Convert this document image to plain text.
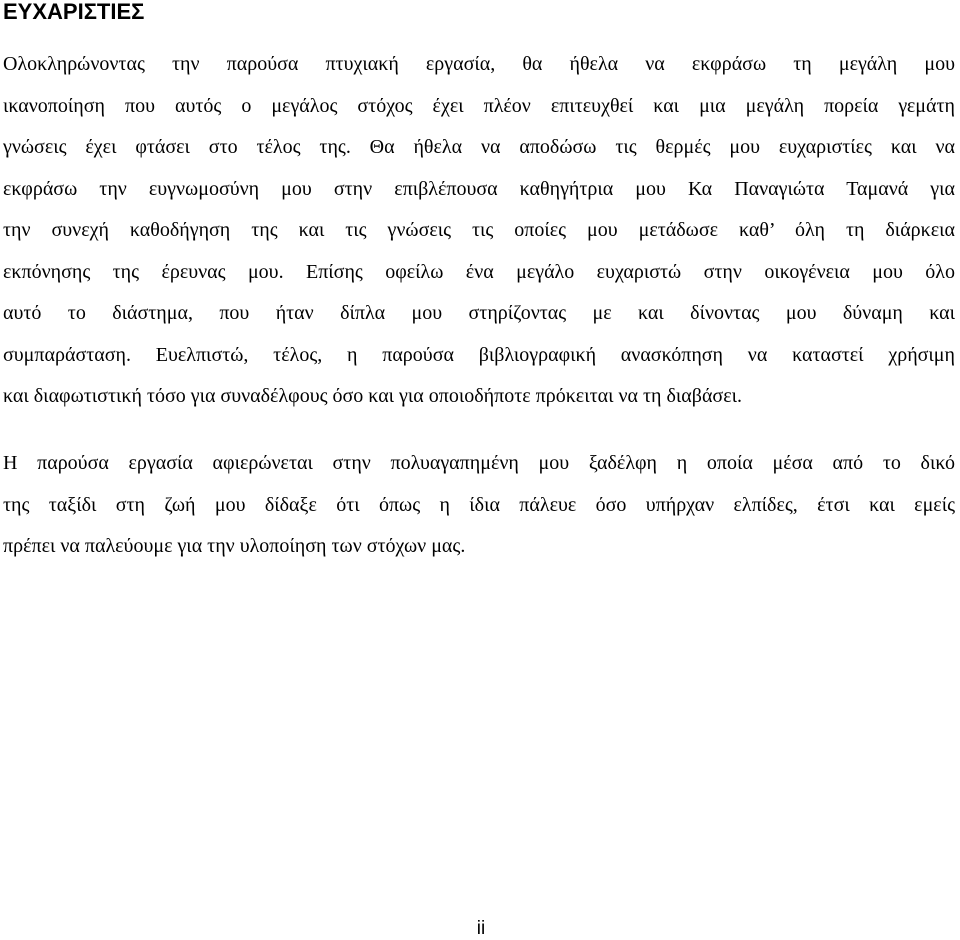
ΕΥΧΑΡΙΣΤΙΕΣ
Ολοκληρώνοντας την παρούσα πτυχιακή εργασία, θα ήθελα να εκφράσω τη μεγάλη μου
ικανοποίηση που αυτός ο μεγάλος στόχος έχει πλέον επιτευχθεί και μια μεγάλη πορεία γεμάτη
γνώσεις έχει φτάσει στο τέλος της. Θα ήθελα να αποδώσω τις θερμές μου ευχαριστίες και να
εκφράσω την ευγνωμοσύνη μου στην επιβλέπουσα καθηγήτρια μου Κα Παναγιώτα Ταμανά για
την συνεχή καθοδήγηση της και τις γνώσεις τις οποίες μου μετάδωσε καθ’ όλη τη διάρκεια
εκπόνησης της έρευνας μου. Επίσης οφείλω ένα μεγάλο ευχαριστώ στην οικογένεια μου όλο
αυτό το διάστημα, που ήταν δίπλα μου στηρίζοντας με και δίνοντας μου δύναμη και
συμπαράσταση. Ευελπιστώ, τέλος, η παρούσα βιβλιογραφική ανασκόπηση να καταστεί χρήσιμη
και διαφωτιστική τόσο για συναδέλφους όσο και για οποιοδήποτε πρόκειται να τη διαβάσει.
Η παρούσα εργασία αφιερώνεται στην πολυαγαπημένη μου ξαδέλφη η οποία μέσα από το δικό
της ταξίδι στη ζωή μου δίδαξε ότι όπως η ίδια πάλευε όσο υπήρχαν ελπίδες, έτσι και εμείς
πρέπει να παλεύουμε για την υλοποίηση των στόχων μας.
ii
